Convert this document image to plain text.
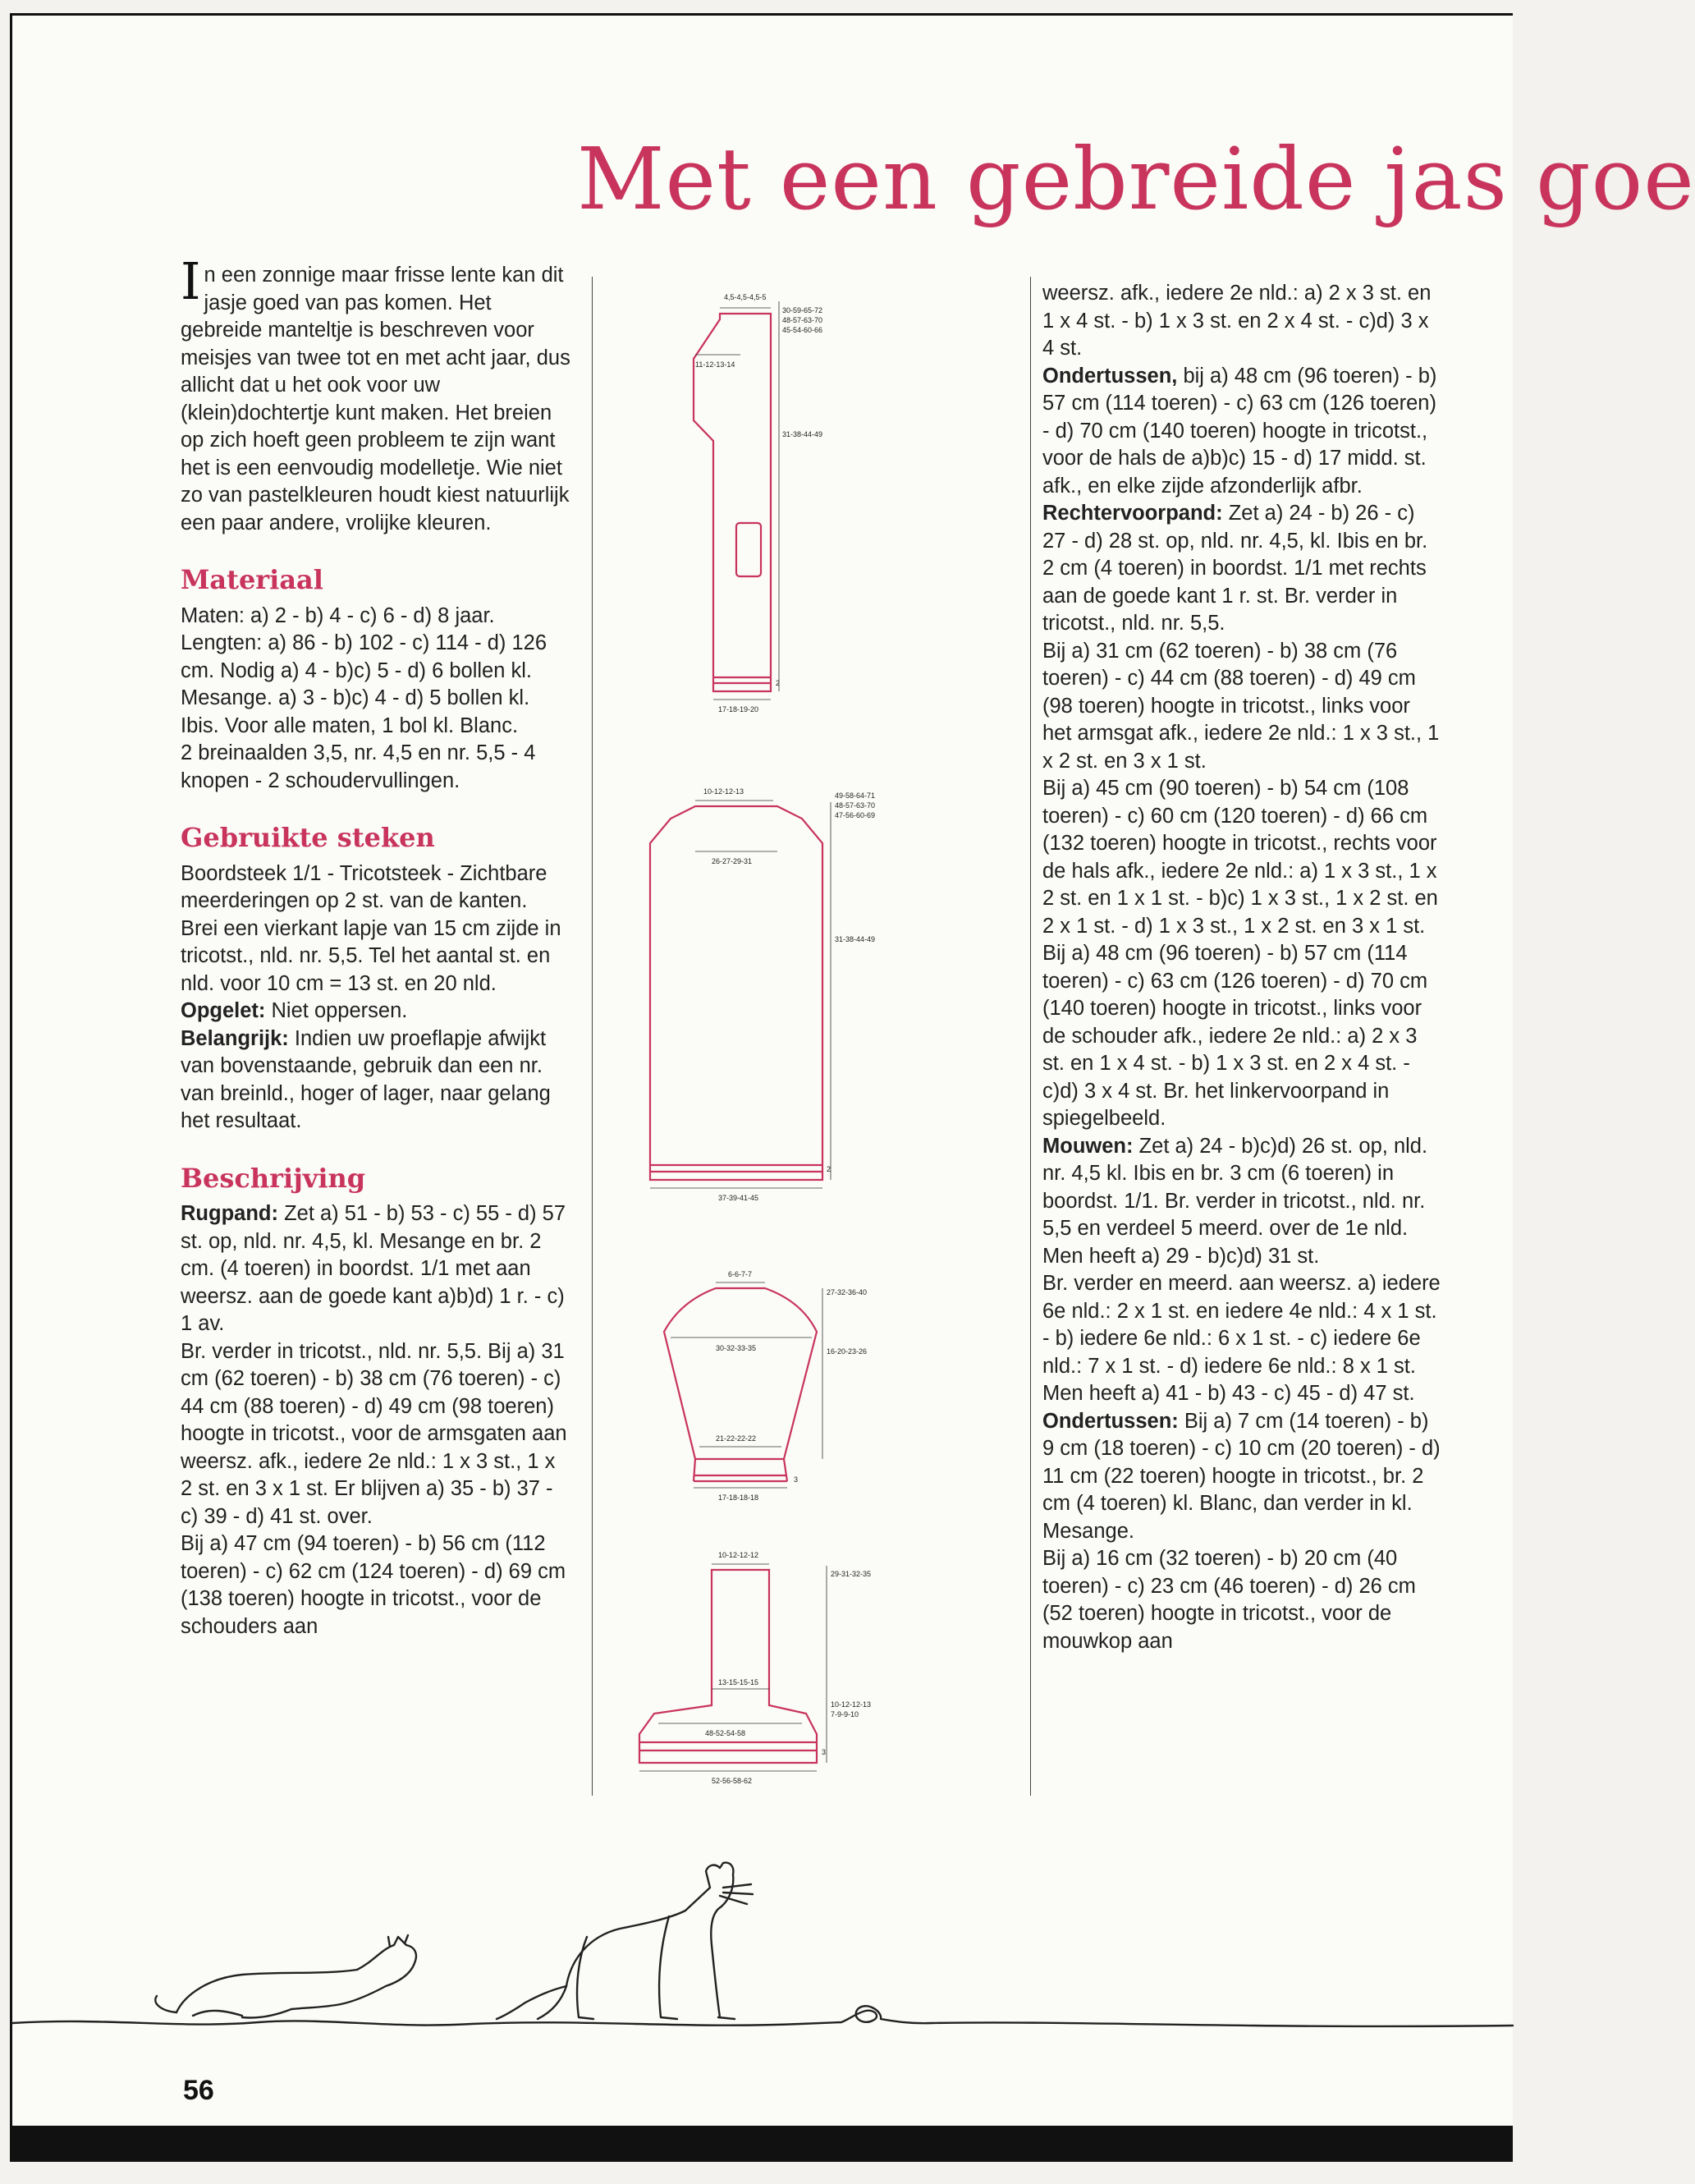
Met een gebreide jas goe

In een zonnige maar frisse lente kan dit jasje goed van pas komen. Het gebreide manteltje is beschreven voor meisjes van twee tot en met acht jaar, dus allicht dat u het ook voor uw (klein)dochtertje kunt maken. Het breien op zich hoeft geen probleem te zijn want het is een eenvoudig modelletje. Wie niet zo van pastelkleuren houdt kiest natuurlijk een paar andere, vrolijke kleuren.

Materiaal

Maten: a) 2 - b) 4 - c) 6 - d) 8 jaar. Lengten: a) 86 - b) 102 - c) 114 - d) 126 cm. Nodig a) 4 - b)c) 5 - d) 6 bollen kl. Mesange. a) 3 - b)c) 4 - d) 5 bollen kl. Ibis. Voor alle maten, 1 bol kl. Blanc.

2 breinaalden 3,5, nr. 4,5 en nr. 5,5 - 4 knopen - 2 schoudervullingen.

Gebruikte steken

Boordsteek 1/1 - Tricotsteek - Zichtbare meerderingen op 2 st. van de kanten.

Brei een vierkant lapje van 15 cm zijde in tricotst., nld. nr. 5,5. Tel het aantal st. en nld. voor 10 cm = 13 st. en 20 nld.

Opgelet: Niet oppersen.

Belangrijk: Indien uw proeflapje afwijkt van bovenstaande, gebruik dan een nr. van breinld., hoger of lager, naar gelang het resultaat.

Beschrijving

Rugpand: Zet a) 51 - b) 53 - c) 55 - d) 57 st. op, nld. nr. 4,5, kl. Mesange en br. 2 cm. (4 toeren) in boordst. 1/1 met aan weersz. aan de goede kant a)b)d) 1 r. - c) 1 av.

Br. verder in tricotst., nld. nr. 5,5. Bij a) 31 cm (62 toeren) - b) 38 cm (76 toeren) - c) 44 cm (88 toeren) - d) 49 cm (98 toeren) hoogte in tricotst., voor de armsgaten aan weersz. afk., iedere 2e nld.: 1 x 3 st., 1 x 2 st. en 3 x 1 st. Er blijven a) 35 - b) 37 - c) 39 - d) 41 st. over.

Bij a) 47 cm (94 toeren) - b) 56 cm (112 toeren) - c) 62 cm (124 toeren) - d) 69 cm (138 toeren) hoogte in tricotst., voor de schouders aan

4,5-4,5-4,5-5
30-59-65-72
48-57-63-70
45-54-60-66
11-12-13-14
31-38-44-49
2
17-18-19-20
10-12-12-13	49-58-64-71
48-57-63-70
47-56-60-69
26-27-29-31
31-38-44-49
2
37-39-41-45
6-6-7-7
27-32-36-40
30-32-33-35	16-20-23-26
21-22-22-22
3
17-18-18-18
10-12-12-12
29-31-32-35
13-15-15-15
10-12-12-13
7-9-9-10
48-52-54-58
3
52-56-58-62

weersz. afk., iedere 2e nld.: a) 2 x 3 st. en 1 x 4 st. - b) 1 x 3 st. en 2 x 4 st. - c)d) 3 x 4 st.

Ondertussen, bij a) 48 cm (96 toeren) - b) 57 cm (114 toeren) - c) 63 cm (126 toeren) - d) 70 cm (140 toeren) hoogte in tricotst., voor de hals de a)b)c) 15 - d) 17 midd. st. afk., en elke zijde afzonderlijk afbr.

Rechtervoorpand: Zet a) 24 - b) 26 - c) 27 - d) 28 st. op, nld. nr. 4,5, kl. Ibis en br. 2 cm (4 toeren) in boordst. 1/1 met rechts aan de goede kant 1 r. st. Br. verder in tricotst., nld. nr. 5,5.

Bij a) 31 cm (62 toeren) - b) 38 cm (76 toeren) - c) 44 cm (88 toeren) - d) 49 cm (98 toeren) hoogte in tricotst., links voor het armsgat afk., iedere 2e nld.: 1 x 3 st., 1 x 2 st. en 3 x 1 st.

Bij a) 45 cm (90 toeren) - b) 54 cm (108 toeren) - c) 60 cm (120 toeren) - d) 66 cm (132 toeren) hoogte in tricotst., rechts voor de hals afk., iedere 2e nld.: a) 1 x 3 st., 1 x 2 st. en 1 x 1 st. - b)c) 1 x 3 st., 1 x 2 st. en 2 x 1 st. - d) 1 x 3 st., 1 x 2 st. en 3 x 1 st. Bij a) 48 cm (96 toeren) - b) 57 cm (114 toeren) - c) 63 cm (126 toeren) - d) 70 cm (140 toeren) hoogte in tricotst., links voor de schouder afk., iedere 2e nld.: a) 2 x 3 st. en 1 x 4 st. - b) 1 x 3 st. en 2 x 4 st. - c)d) 3 x 4 st. Br. het linkervoorpand in spiegelbeeld.

Mouwen: Zet a) 24 - b)c)d) 26 st. op, nld. nr. 4,5 kl. Ibis en br. 3 cm (6 toeren) in boordst. 1/1. Br. verder in tricotst., nld. nr. 5,5 en verdeel 5 meerd. over de 1e nld.

Men heeft a) 29 - b)c)d) 31 st.

Br. verder en meerd. aan weersz. a) iedere 6e nld.: 2 x 1 st. en iedere 4e nld.: 4 x 1 st. - b) iedere 6e nld.: 6 x 1 st. - c) iedere 6e nld.: 7 x 1 st. - d) iedere 6e nld.: 8 x 1 st.

Men heeft a) 41 - b) 43 - c) 45 - d) 47 st.

Ondertussen: Bij a) 7 cm (14 toeren) - b) 9 cm (18 toeren) - c) 10 cm (20 toeren) - d) 11 cm (22 toeren) hoogte in tricotst., br. 2 cm (4 toeren) kl. Blanc, dan verder in kl. Mesange.

Bij a) 16 cm (32 toeren) - b) 20 cm (40 toeren) - c) 23 cm (46 toeren) - d) 26 cm (52 toeren) hoogte in tricotst., voor de mouwkop aan

56
